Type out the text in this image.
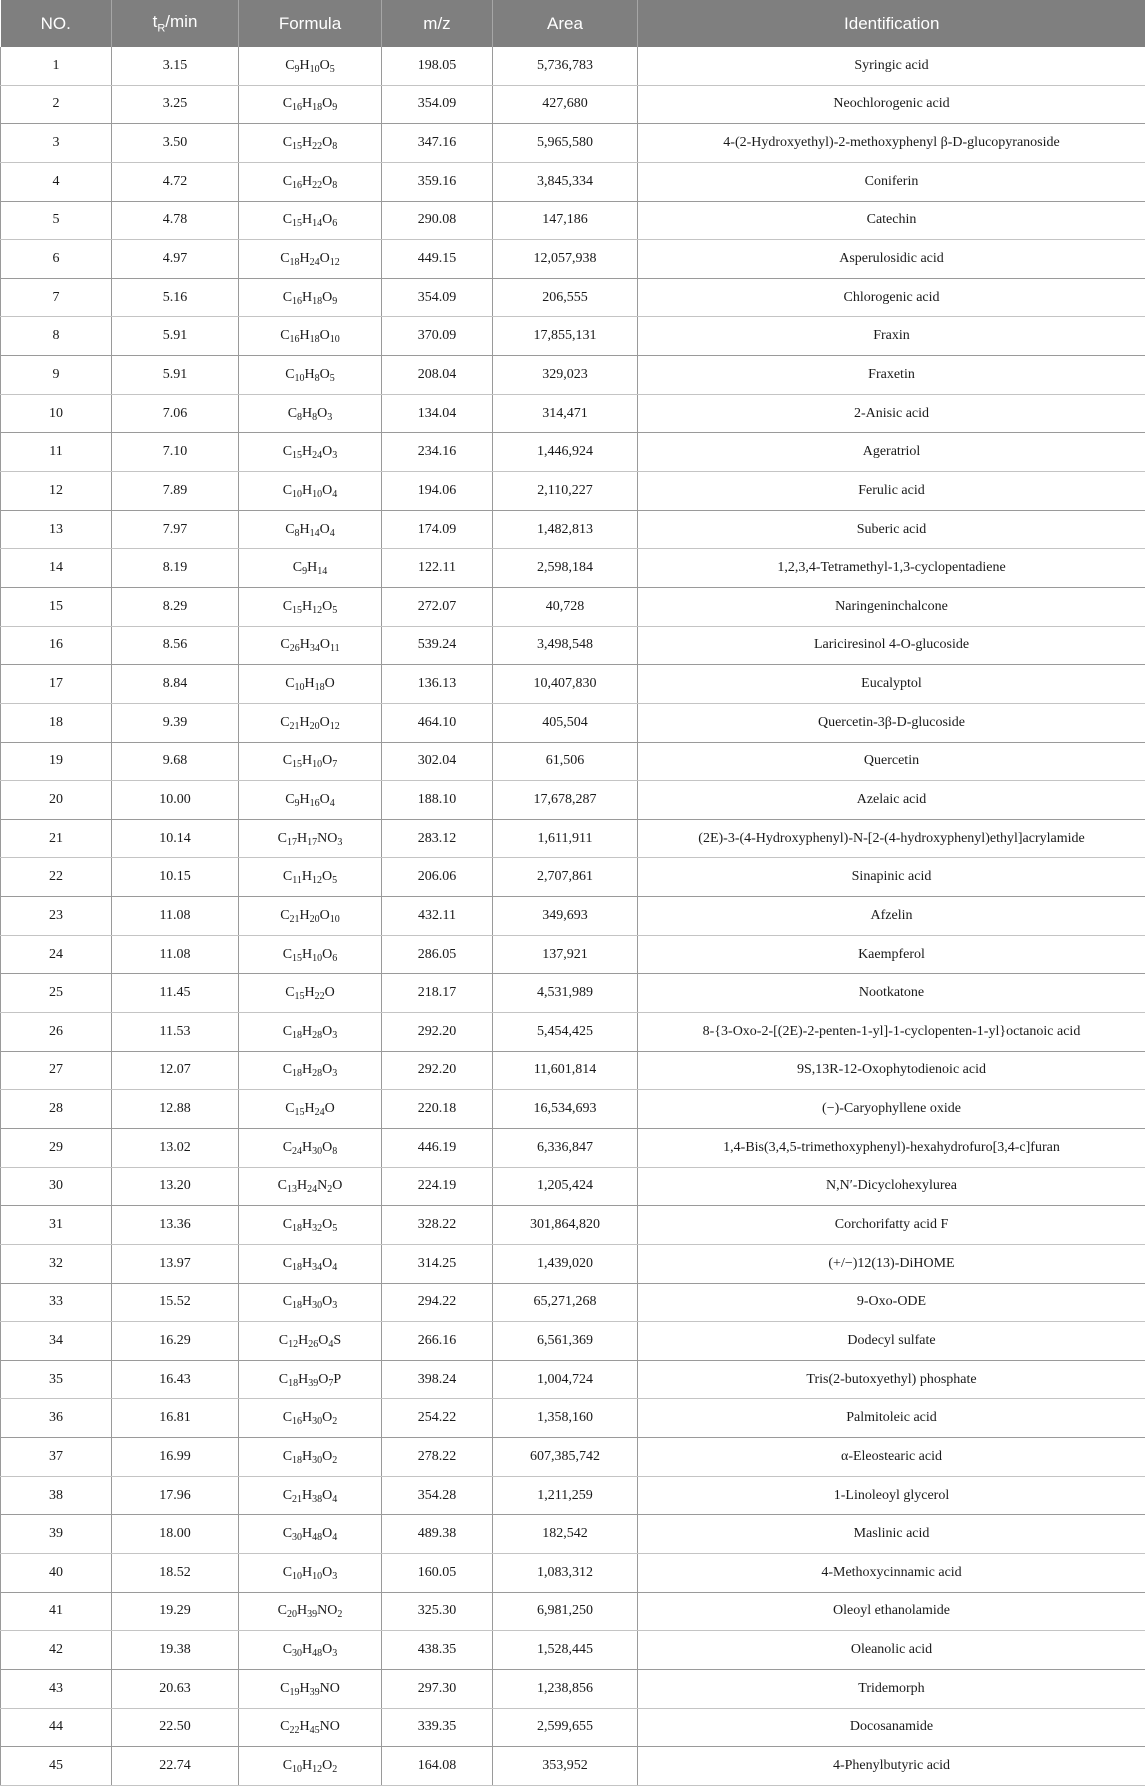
NO.	$t_R/\min$	Formula	m/z	Area	Identification
1	3.15	$C_9H_{10}O_5$	198.05	5,736,783	Syringic acid
2	3.25	$C_{16}H_{18}O_9$	354.09	427,680	Neochlorogenic acid
3	3.50	$C_{15}H_{22}O_8$	347.16	5,965,580	4-(2-Hydroxyethyl)-2-methoxyphenyl β-D-glucopyranoside
4	4.72	$C_{16}H_{22}O_8$	359.16	3,845,334	Coniferin
5	4.78	$C_{15}H_{14}O_6$	290.08	147,186	Catechin
6	4.97	$C_{18}H_{24}O_{12}$	449.15	12,057,938	Asperulosidic acid
7	5.16	$C_{16}H_{18}O_9$	354.09	206,555	Chlorogenic acid
8	5.91	$C_{16}H_{18}O_{10}$	370.09	17,855,131	Fraxin
9	5.91	$C_{10}H_8O_5$	208.04	329,023	Fraxetin
10	7.06	$C_8H_8O_3$	134.04	314,471	2-Anisic acid
11	7.10	$C_{15}H_{24}O_3$	234.16	1,446,924	Ageratriol
12	7.89	$C_{10}H_{10}O_4$	194.06	2,110,227	Ferulic acid
13	7.97	$C_8H_{14}O_4$	174.09	1,482,813	Suberic acid
14	8.19	$C_9H_{14}$	122.11	2,598,184	1,2,3,4-Tetramethyl-1,3-cyclopentadiene
15	8.29	$C_{15}H_{12}O_5$	272.07	40,728	Naringeninchalcone
16	8.56	$C_{26}H_{34}O_{11}$	539.24	3,498,548	Lariciresinol 4-O-glucoside
17	8.84	$C_{10}H_{18}O$	136.13	10,407,830	Eucalyptol
18	9.39	$C_{21}H_{20}O_{12}$	464.10	405,504	Quercetin-3β-D-glucoside
19	9.68	$C_{15}H_{10}O_7$	302.04	61,506	Quercetin
20	10.00	$C_9H_{16}O_4$	188.10	17,678,287	Azelaic acid
21	10.14	$C_{17}H_{17}NO_3$	283.12	1,611,911	(2E)-3-(4-Hydroxyphenyl)-N-[2-(4-hydroxyphenyl)ethyl]acrylamide
22	10.15	$C_{11}H_{12}O_5$	206.06	2,707,861	Sinapinic acid
23	11.08	$C_{21}H_{20}O_{10}$	432.11	349,693	Afzelin
24	11.08	$C_{15}H_{10}O_6$	286.05	137,921	Kaempferol
25	11.45	$C_{15}H_{22}O$	218.17	4,531,989	Nootkatone
26	11.53	$C_{18}H_{28}O_3$	292.20	5,454,425	8-{3-Oxo-2-[(2E)-2-penten-1-yl]-1-cyclopenten-1-yl}octanoic acid
27	12.07	$C_{18}H_{28}O_3$	292.20	11,601,814	9S,13R-12-Oxophytodienoic acid
28	12.88	$C_{15}H_{24}O$	220.18	16,534,693	(−)-Caryophyllene oxide
29	13.02	$C_{24}H_{30}O_8$	446.19	6,336,847	1,4-Bis(3,4,5-trimethoxyphenyl)-hexahydrofuro[3,4-c]furan
30	13.20	$C_{13}H_{24}N_2O$	224.19	1,205,424	N,N′-Dicyclohexylurea
31	13.36	$C_{18}H_{32}O_5$	328.22	301,864,820	Corchorifatty acid F
32	13.97	$C_{18}H_{34}O_4$	314.25	1,439,020	(+/−)12(13)-DiHOME
33	15.52	$C_{18}H_{30}O_3$	294.22	65,271,268	9-Oxo-ODE
34	16.29	$C_{12}H_{26}O_4S$	266.16	6,561,369	Dodecyl sulfate
35	16.43	$C_{18}H_{39}O_7P$	398.24	1,004,724	Tris(2-butoxyethyl) phosphate
36	16.81	$C_{16}H_{30}O_2$	254.22	1,358,160	Palmitoleic acid
37	16.99	$C_{18}H_{30}O_2$	278.22	607,385,742	α-Eleostearic acid
38	17.96	$C_{21}H_{38}O_4$	354.28	1,211,259	1-Linoleoyl glycerol
39	18.00	$C_{30}H_{48}O_4$	489.38	182,542	Maslinic acid
40	18.52	$C_{10}H_{10}O_3$	160.05	1,083,312	4-Methoxycinnamic acid
41	19.29	$C_{20}H_{39}NO_2$	325.30	6,981,250	Oleoyl ethanolamide
42	19.38	$C_{30}H_{48}O_3$	438.35	1,528,445	Oleanolic acid
43	20.63	$C_{19}H_{39}NO$	297.30	1,238,856	Tridemorph
44	22.50	$C_{22}H_{45}NO$	339.35	2,599,655	Docosanamide
45	22.74	$C_{10}H_{12}O_2$	164.08	353,952	4-Phenylbutyric acid
